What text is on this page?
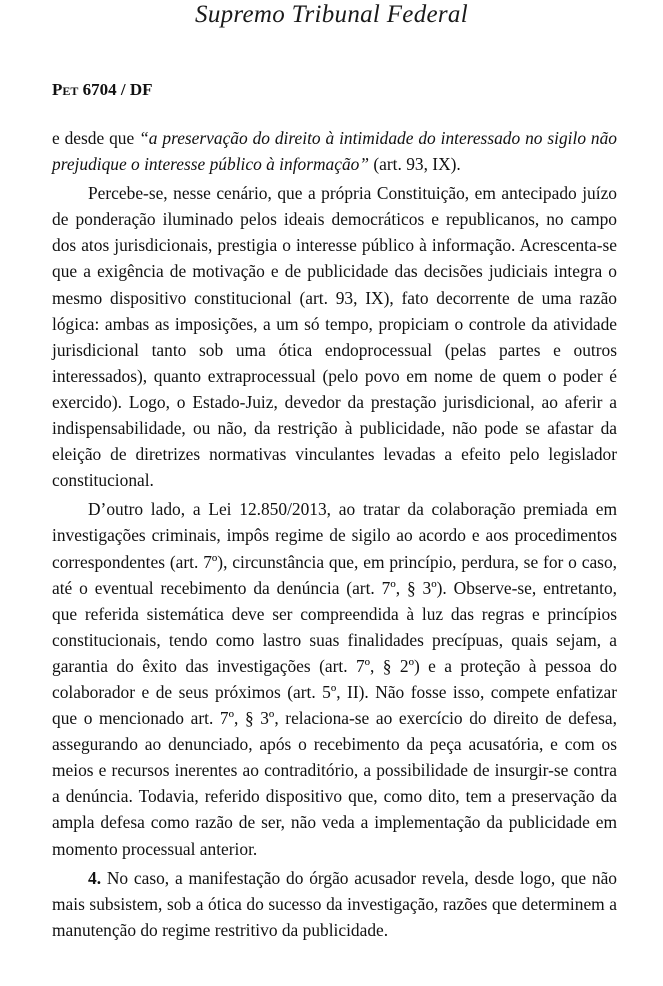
Supremo Tribunal Federal
Pet 6704 / DF

e desde que “a preservação do direito à intimidade do interessado no sigilo não prejudique o interesse público à informação” (art. 93, IX).

Percebe-se, nesse cenário, que a própria Constituição, em antecipado juízo de ponderação iluminado pelos ideais democráticos e republicanos, no campo dos atos jurisdicionais, prestigia o interesse público à informação. Acrescenta-se que a exigência de motivação e de publicidade das decisões judiciais integra o mesmo dispositivo constitucional (art. 93, IX), fato decorrente de uma razão lógica: ambas as imposições, a um só tempo, propiciam o controle da atividade jurisdicional tanto sob uma ótica endoprocessual (pelas partes e outros interessados), quanto extraprocessual (pelo povo em nome de quem o poder é exercido). Logo, o Estado-Juiz, devedor da prestação jurisdicional, ao aferir a indispensabilidade, ou não, da restrição à publicidade, não pode se afastar da eleição de diretrizes normativas vinculantes levadas a efeito pelo legislador constitucional.

D’outro lado, a Lei 12.850/2013, ao tratar da colaboração premiada em investigações criminais, impôs regime de sigilo ao acordo e aos procedimentos correspondentes (art. 7º), circunstância que, em princípio, perdura, se for o caso, até o eventual recebimento da denúncia (art. 7º, § 3º). Observe-se, entretanto, que referida sistemática deve ser compreendida à luz das regras e princípios constitucionais, tendo como lastro suas finalidades precípuas, quais sejam, a garantia do êxito das investigações (art. 7º, § 2º) e a proteção à pessoa do colaborador e de seus próximos (art. 5º, II). Não fosse isso, compete enfatizar que o mencionado art. 7º, § 3º, relaciona-se ao exercício do direito de defesa, assegurando ao denunciado, após o recebimento da peça acusatória, e com os meios e recursos inerentes ao contraditório, a possibilidade de insurgir-se contra a denúncia. Todavia, referido dispositivo que, como dito, tem a preservação da ampla defesa como razão de ser, não veda a implementação da publicidade em momento processual anterior.

4. No caso, a manifestação do órgão acusador revela, desde logo, que não mais subsistem, sob a ótica do sucesso da investigação, razões que determinem a manutenção do regime restritivo da publicidade.
